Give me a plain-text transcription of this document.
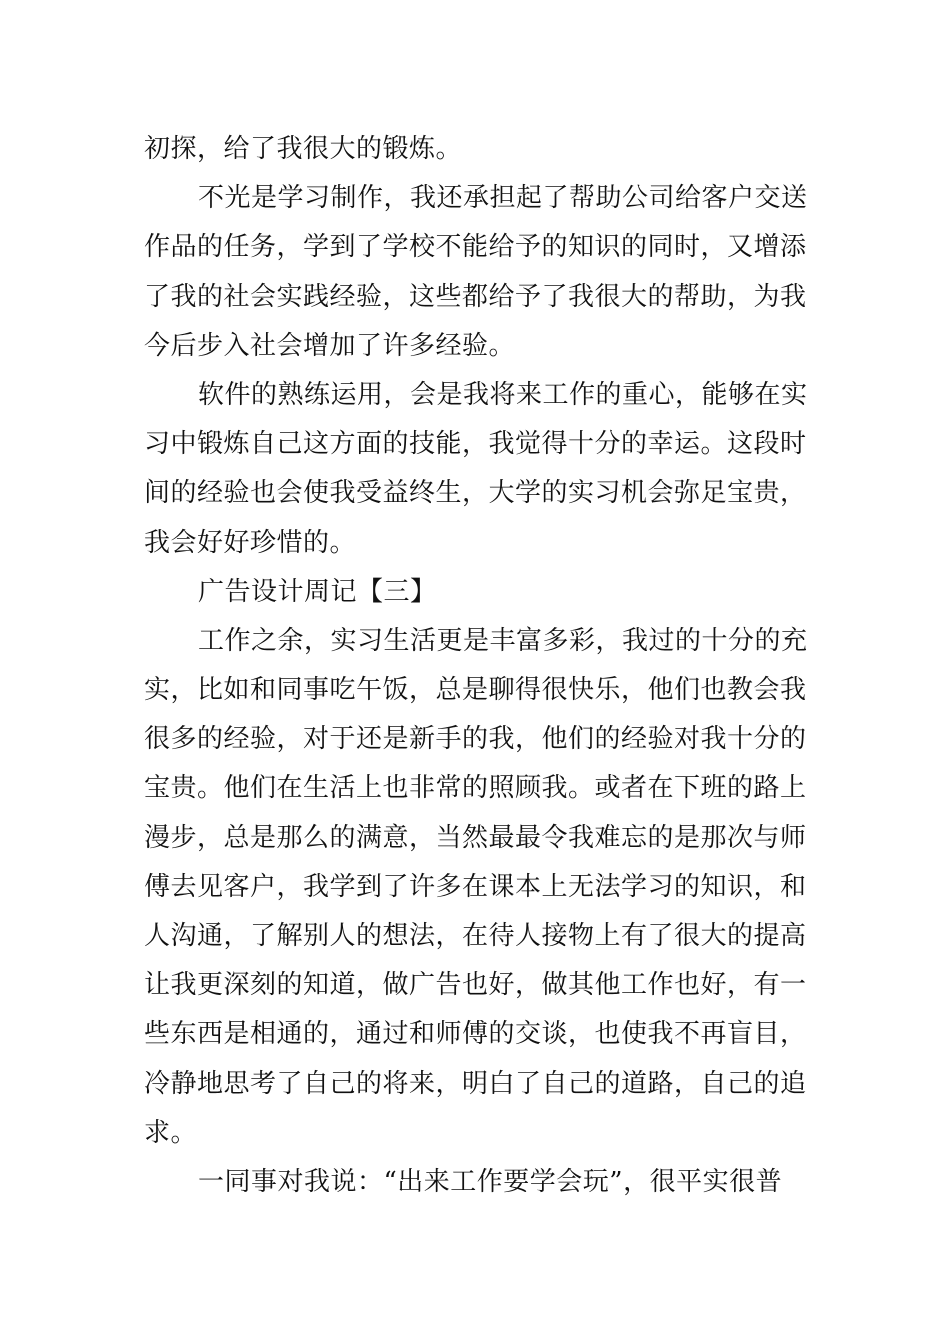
初探，给了我很大的锻炼。
不光是学习制作，我还承担起了帮助公司给客户交送
作品的任务，学到了学校不能给予的知识的同时，又增添
了我的社会实践经验，这些都给予了我很大的帮助，为我
今后步入社会增加了许多经验。
软件的熟练运用，会是我将来工作的重心，能够在实
习中锻炼自己这方面的技能，我觉得十分的幸运。这段时
间的经验也会使我受益终生，大学的实习机会弥足宝贵，
我会好好珍惜的。
广告设计周记【三】
工作之余，实习生活更是丰富多彩，我过的十分的充
实，比如和同事吃午饭，总是聊得很快乐，他们也教会我
很多的经验，对于还是新手的我，他们的经验对我十分的
宝贵。他们在生活上也非常的照顾我。或者在下班的路上
漫步，总是那么的满意，当然最最令我难忘的是那次与师
傅去见客户，我学到了许多在课本上无法学习的知识，和
人沟通，了解别人的想法，在待人接物上有了很大的提高
让我更深刻的知道，做广告也好，做其他工作也好，有一
些东西是相通的，通过和师傅的交谈，也使我不再盲目，
冷静地思考了自己的将来，明白了自己的道路，自己的追
求。
一同事对我说：“出来工作要学会玩”，很平实很普
